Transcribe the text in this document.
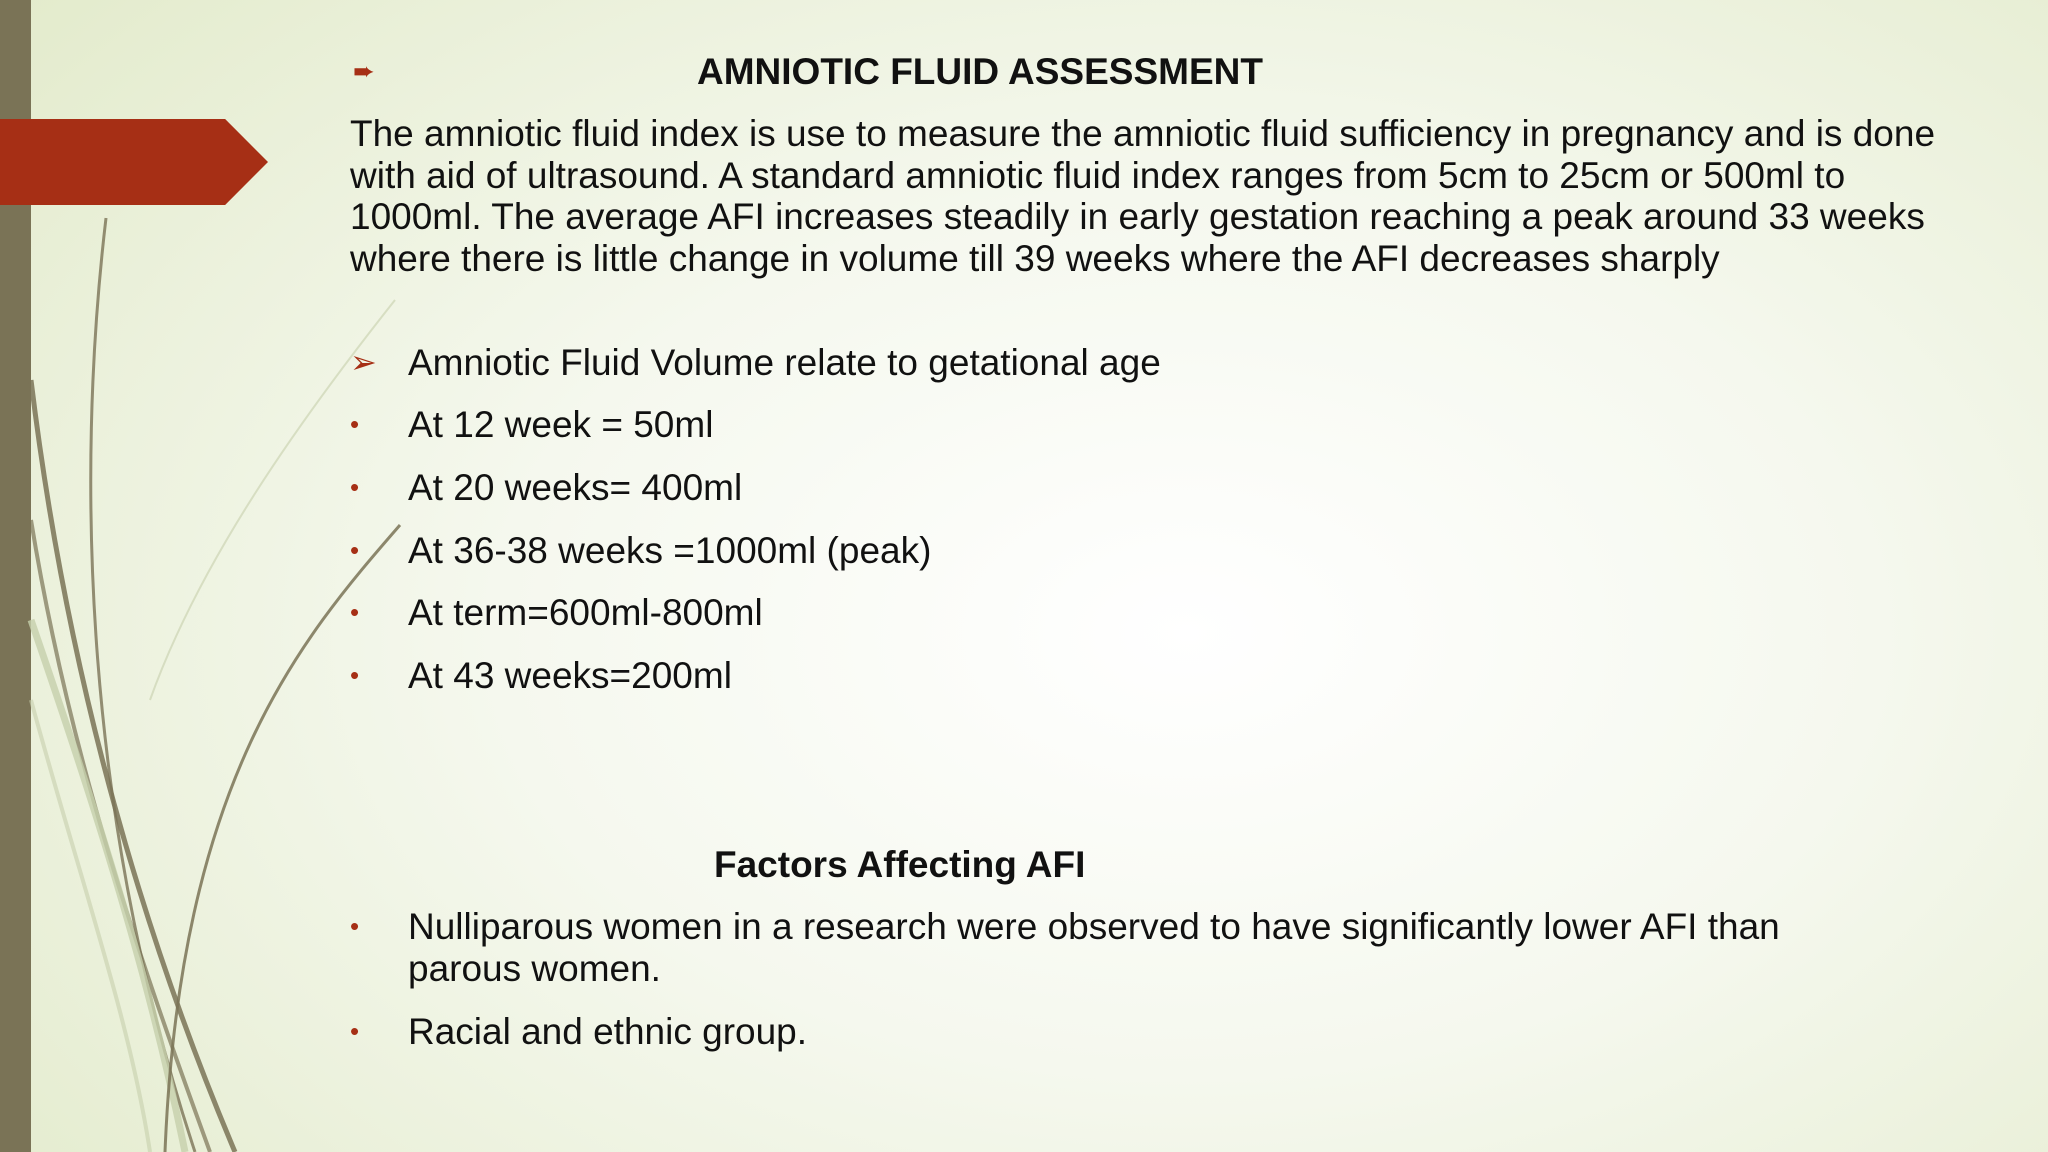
➨	AMNIOTIC FLUID ASSESSMENT
The amniotic fluid index is use to measure the amniotic fluid sufficiency in pregnancy and is done with aid of ultrasound. A standard amniotic fluid index ranges from 5cm to 25cm or 500ml to 1000ml. The average AFI increases steadily in early gestation reaching a peak around 33 weeks where there is little change in volume till 39 weeks where the AFI decreases sharply
➢ Amniotic Fluid Volume relate to getational age
• At 12 week = 50ml
• At 20 weeks= 400ml
• At 36-38 weeks =1000ml (peak)
• At term=600ml-800ml
• At 43 weeks=200ml
Factors Affecting AFI
• Nulliparous women in a research were observed to have significantly lower AFI than parous women.
• Racial and ethnic group.
